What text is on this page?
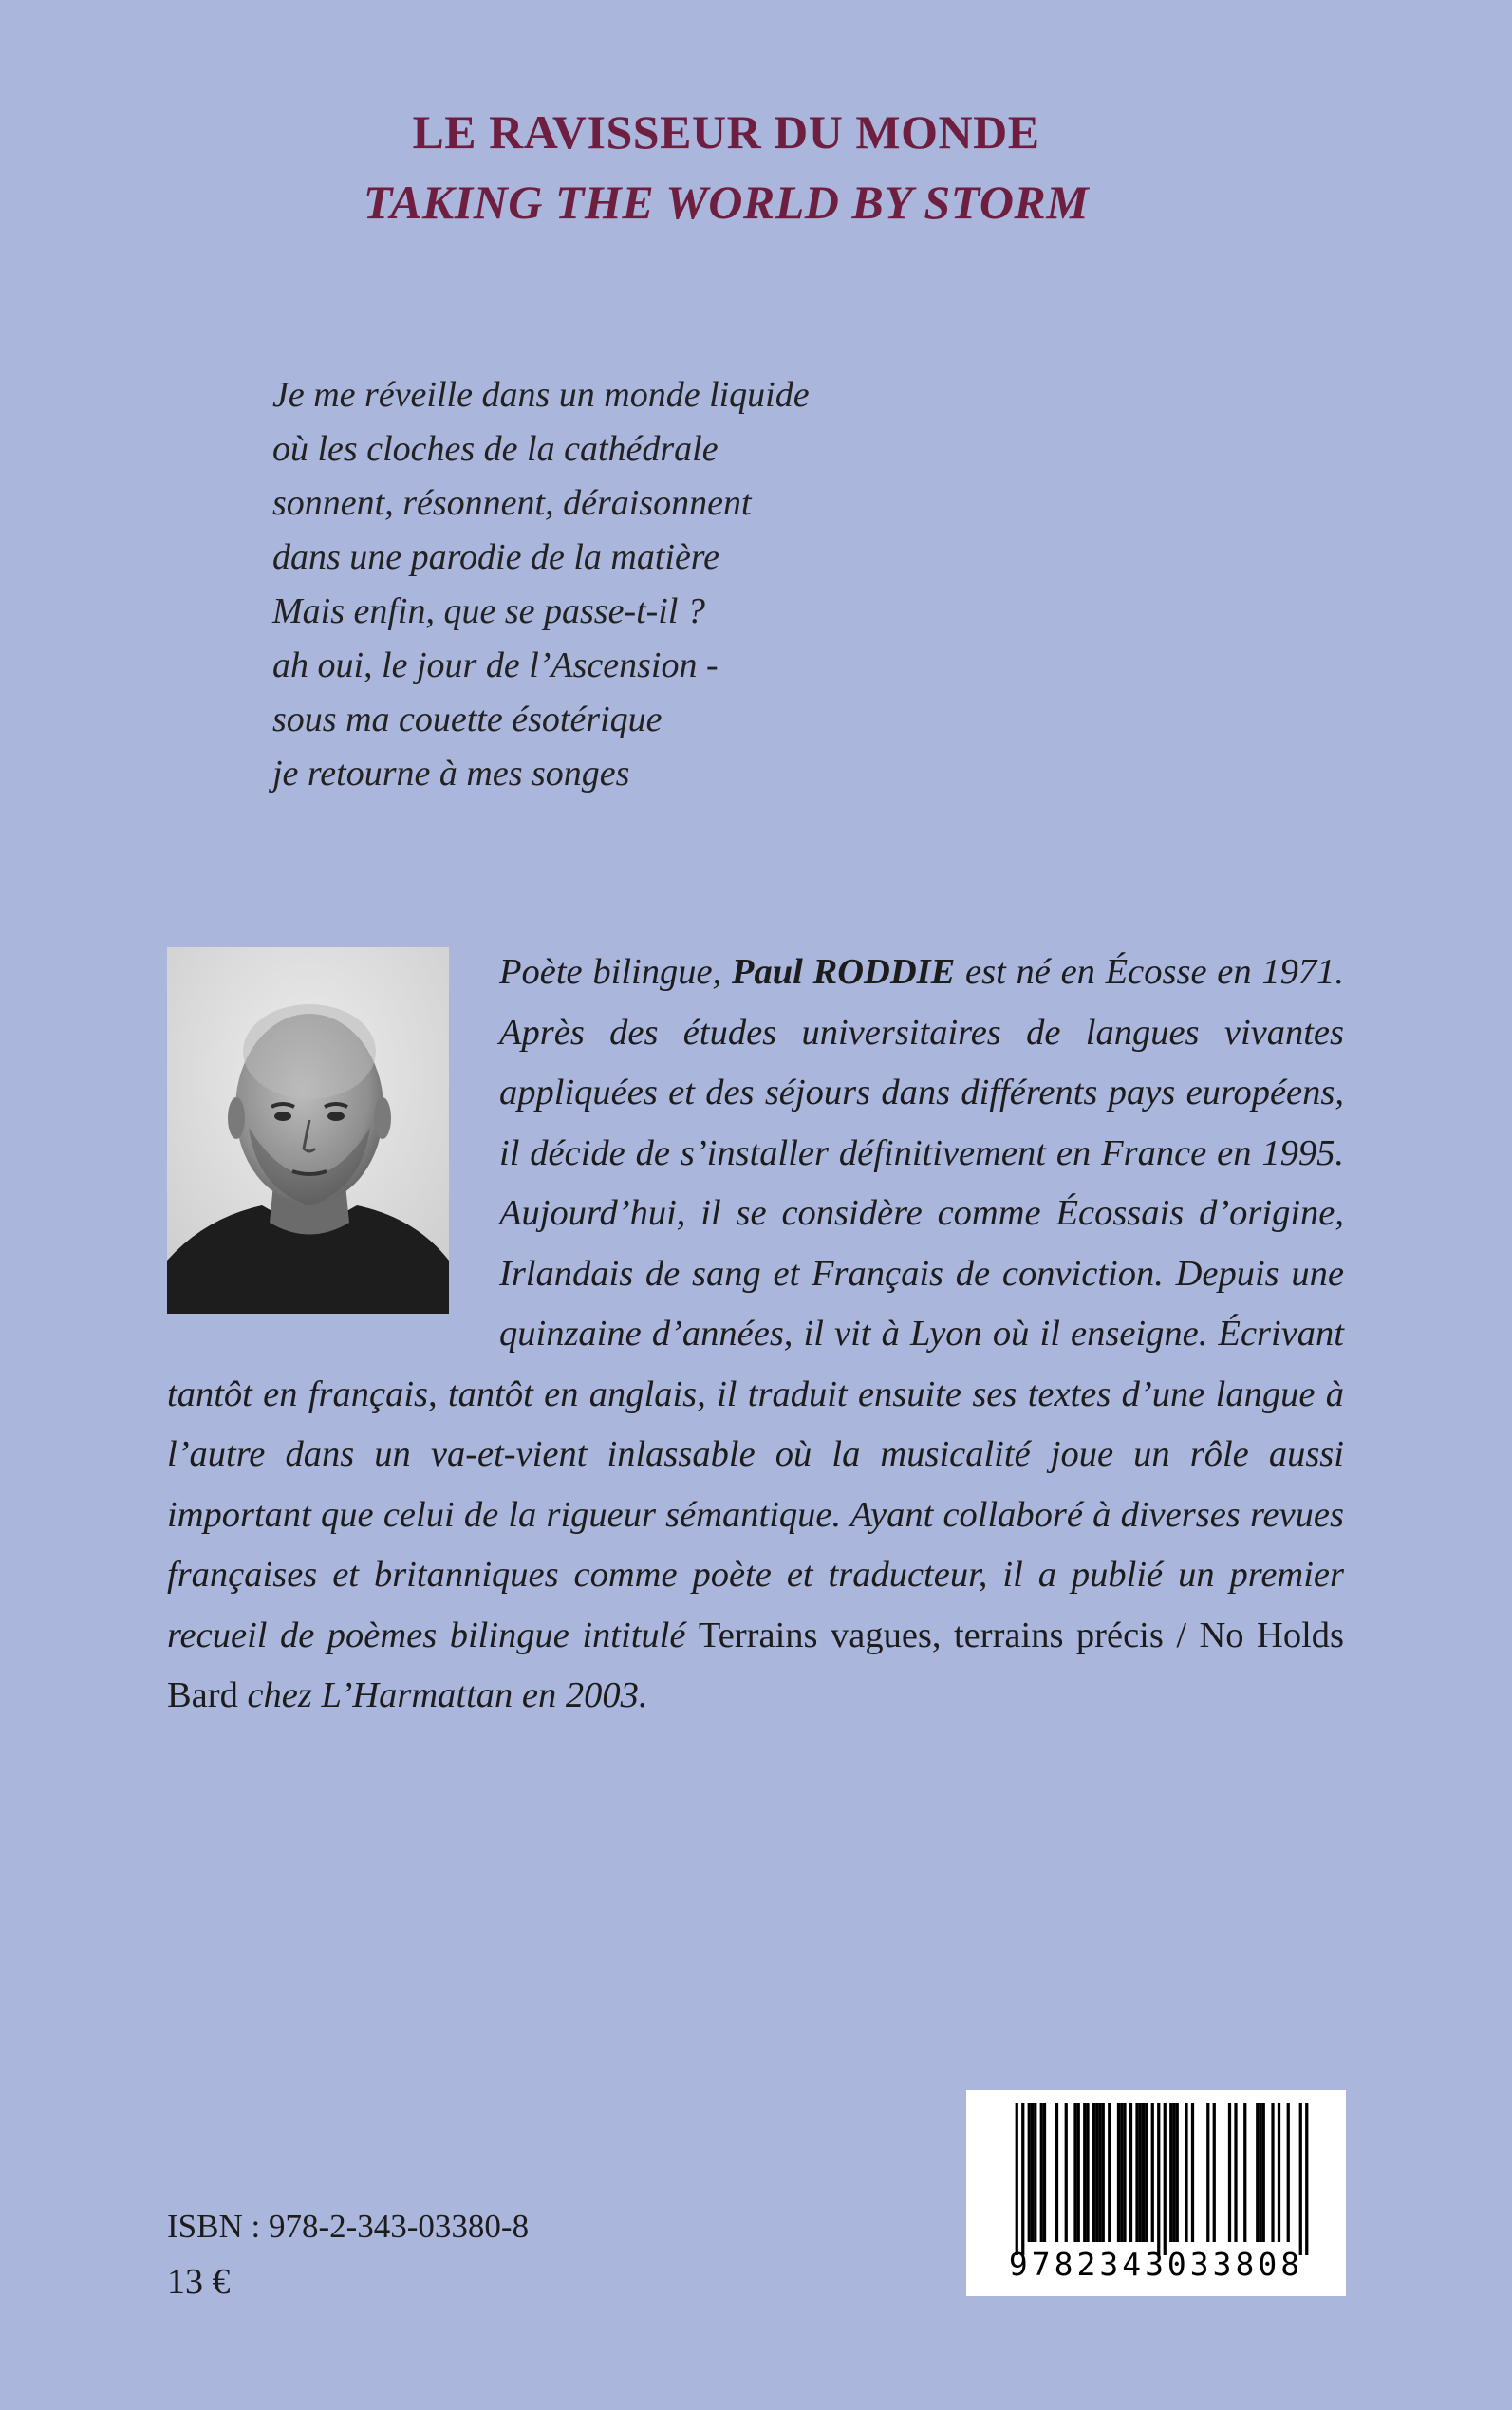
LE RAVISSEUR DU MONDE
TAKING THE WORLD BY STORM
Je me réveille dans un monde liquide
où les cloches de la cathédrale
sonnent, résonnent, déraisonnent
dans une parodie de la matière
Mais enfin, que se passe-t-il ?
ah oui, le jour de l’Ascension -
sous ma couette ésotérique
je retourne à mes songes
Poète bilingue, Paul RODDIE est né en Écosse en 1971. Après des études universitaires de langues vivantes appliquées et des séjours dans différents pays européens, il décide de s’installer définitivement en France en 1995. Aujourd’hui, il se considère comme Écossais d’origine, Irlandais de sang et Français de conviction. Depuis une quinzaine d’années, il vit à Lyon où il enseigne. Écrivant tantôt en français, tantôt en anglais, il traduit ensuite ses textes d’une langue à l’autre dans un va-et-vient inlassable où la musicalité joue un rôle aussi important que celui de la rigueur sémantique. Ayant collaboré à diverses revues françaises et britanniques comme poète et traducteur, il a publié un premier recueil de poèmes bilingue intitulé Terrains vagues, terrains précis / No Holds Bard chez L’Harmattan en 2003.
ISBN : 978-2-343-03380-8
13 €	9782343033808
